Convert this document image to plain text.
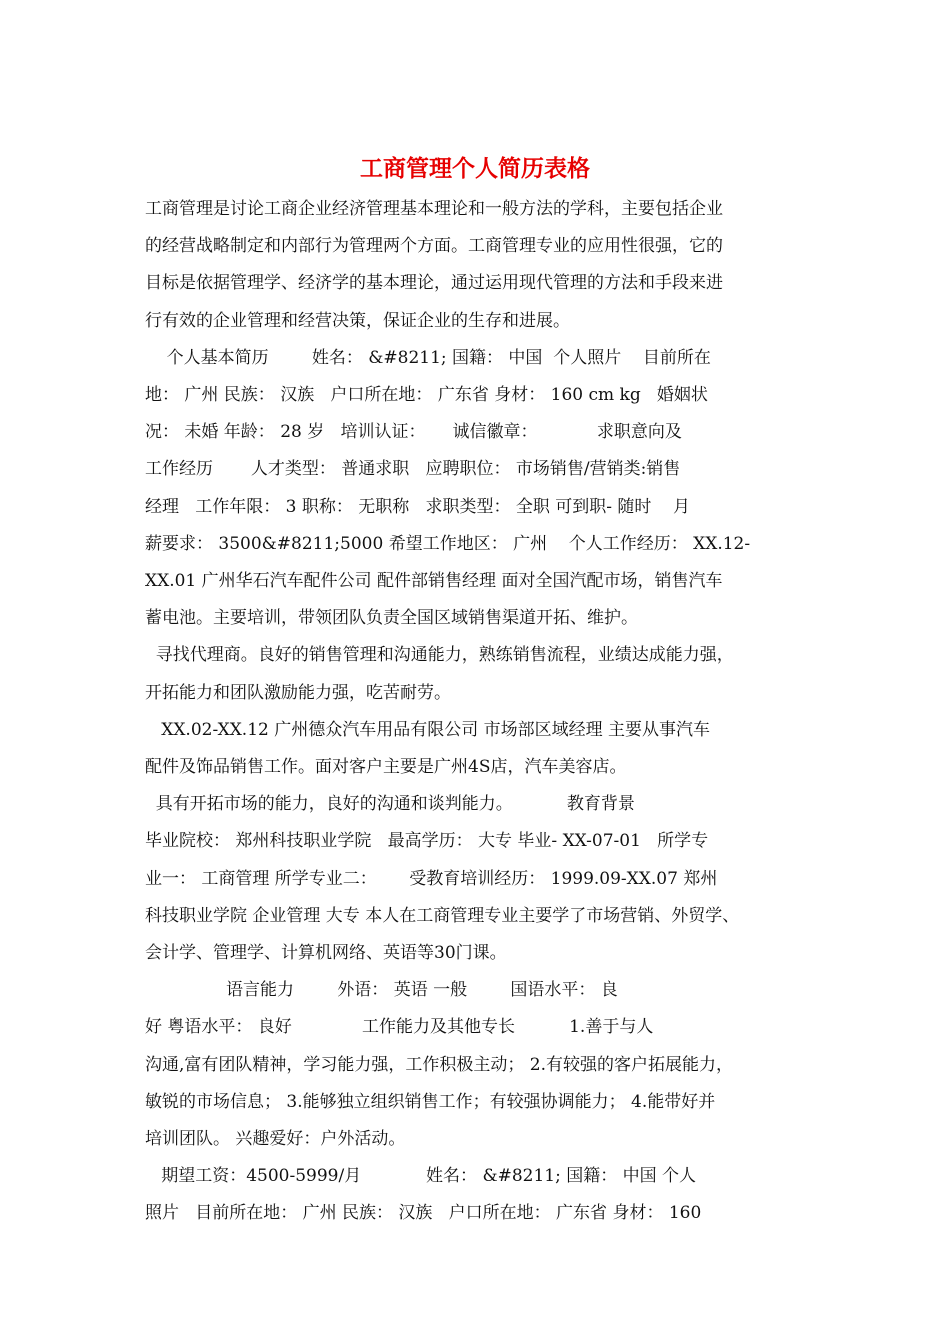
工商管理个人简历表格
工商管理是讨论工商企业经济管理基本理论和一般方法的学科，主要包括企业
的经营战略制定和内部行为管理两个方面。工商管理专业的应用性很强，它的
目标是依据管理学、经济学的基本理论，通过运用现代管理的方法和手段来进
行有效的企业管理和经营决策，保证企业的生存和进展。
个人基本简历        姓名： &#8211; 国籍： 中国  个人照片    目前所在
地： 广州 民族： 汉族   户口所在地： 广东省 身材： 160 cm kg   婚姻状
况： 未婚 年龄： 28 岁   培训认证：     诚信徽章：           求职意向及
工作经历       人才类型： 普通求职   应聘职位： 市场销售/营销类:销售
经理   工作年限： 3 职称： 无职称   求职类型： 全职 可到职- 随时    月
薪要求： 3500&#8211;5000 希望工作地区： 广州    个人工作经历： XX.12-
XX.01 广州华石汽车配件公司 配件部销售经理 面对全国汽配市场，销售汽车
蓄电池。主要培训，带领团队负责全国区域销售渠道开拓、维护。
寻找代理商。良好的销售管理和沟通能力，熟练销售流程，业绩达成能力强，
开拓能力和团队激励能力强，吃苦耐劳。
XX.02-XX.12 广州德众汽车用品有限公司 市场部区域经理 主要从事汽车
配件及饰品销售工作。面对客户主要是广州4S店，汽车美容店。
具有开拓市场的能力，良好的沟通和谈判能力。          教育背景
毕业院校： 郑州科技职业学院   最高学历： 大专 毕业- XX-07-01   所学专
业一： 工商管理 所学专业二：      受教育培训经历： 1999.09-XX.07 郑州
科技职业学院 企业管理 大专 本人在工商管理专业主要学了市场营销、外贸学、
会计学、管理学、计算机网络、英语等30门课。
语言能力        外语： 英语 一般        国语水平： 良
好 粤语水平： 良好             工作能力及其他专长          1.善于与人
沟通,富有团队精神，学习能力强，工作积极主动； 2.有较强的客户拓展能力，
敏锐的市场信息； 3.能够独立组织销售工作；有较强协调能力； 4.能带好并
培训团队。 兴趣爱好：户外活动。
期望工资：4500-5999/月            姓名： &#8211; 国籍： 中国 个人
照片   目前所在地： 广州 民族： 汉族   户口所在地： 广东省 身材： 160
